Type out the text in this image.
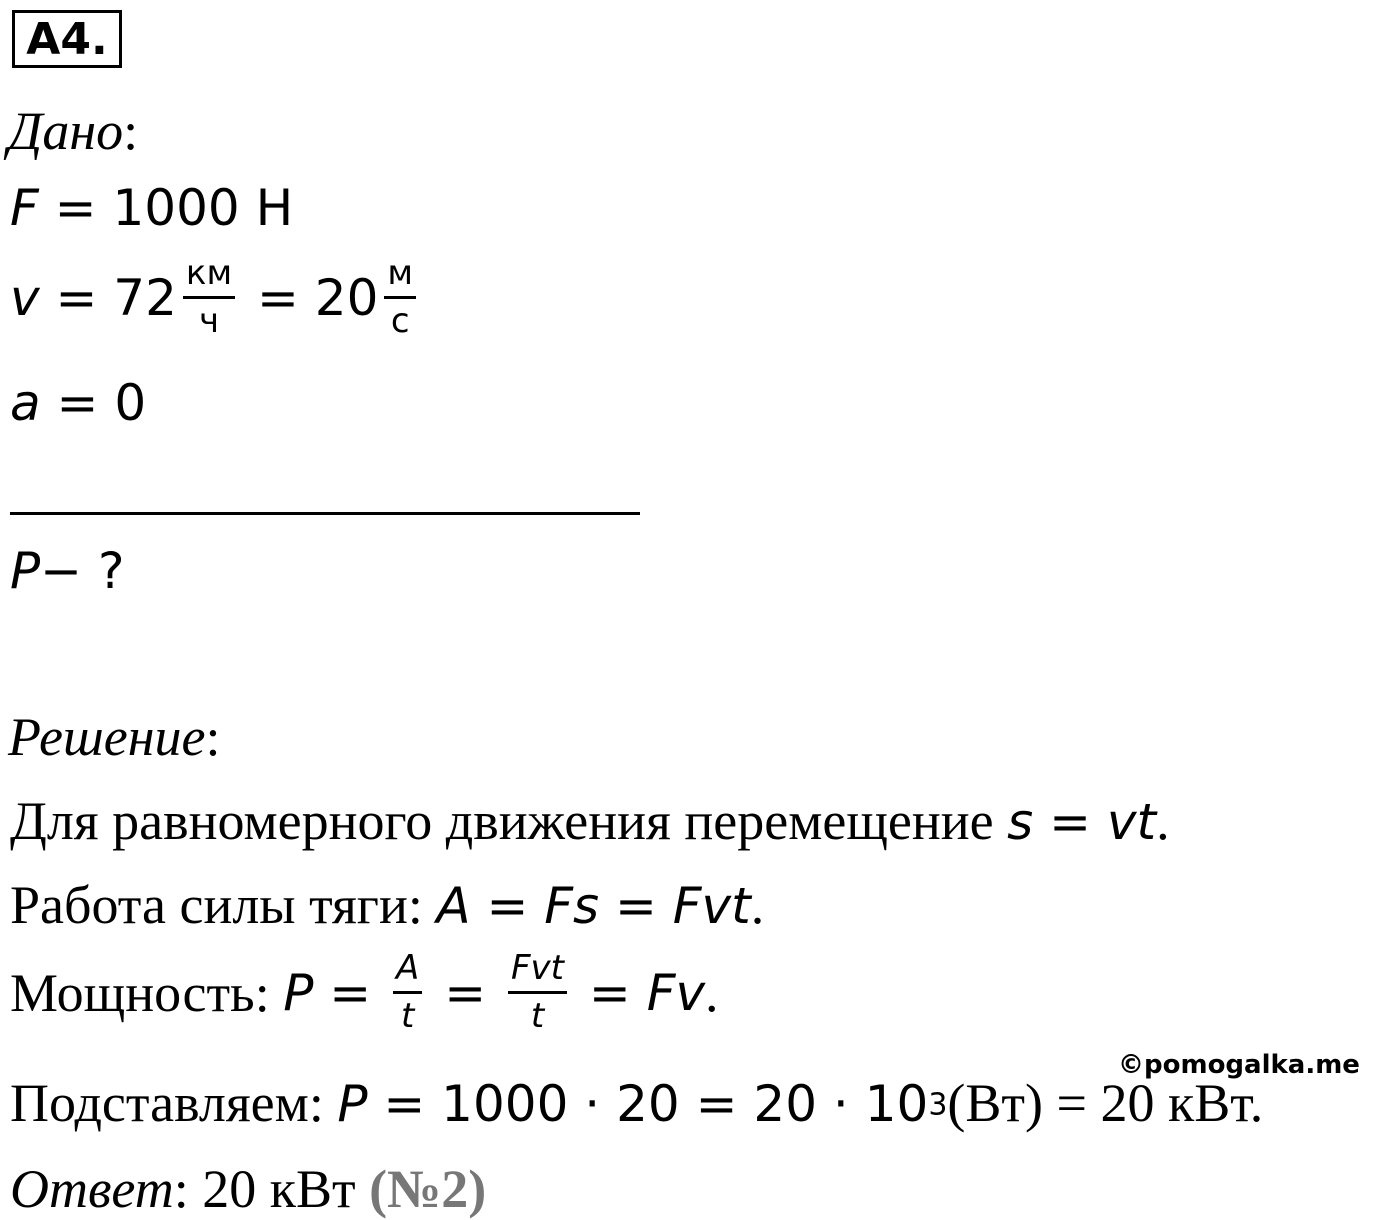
А4.
Дано:
F = 1000 Н
$v = 72 \frac{км}{ч} = 20 \frac{м}{с}$
a = 0
P− ?
Решение:
Для равномерного движения перемещение s = vt.
Работа силы тяги: A = Fs = Fvt.
Мощность: $P = \frac{A}{t} = \frac{\text{Fvt}}{t} = Fv$ .
Подставляем: $P = 1000 \cdot 20 = 20 \cdot 10^3(Вт) = 20$ кВт.
Ответ: 20 кВт (№2)
©pomogalka.me
